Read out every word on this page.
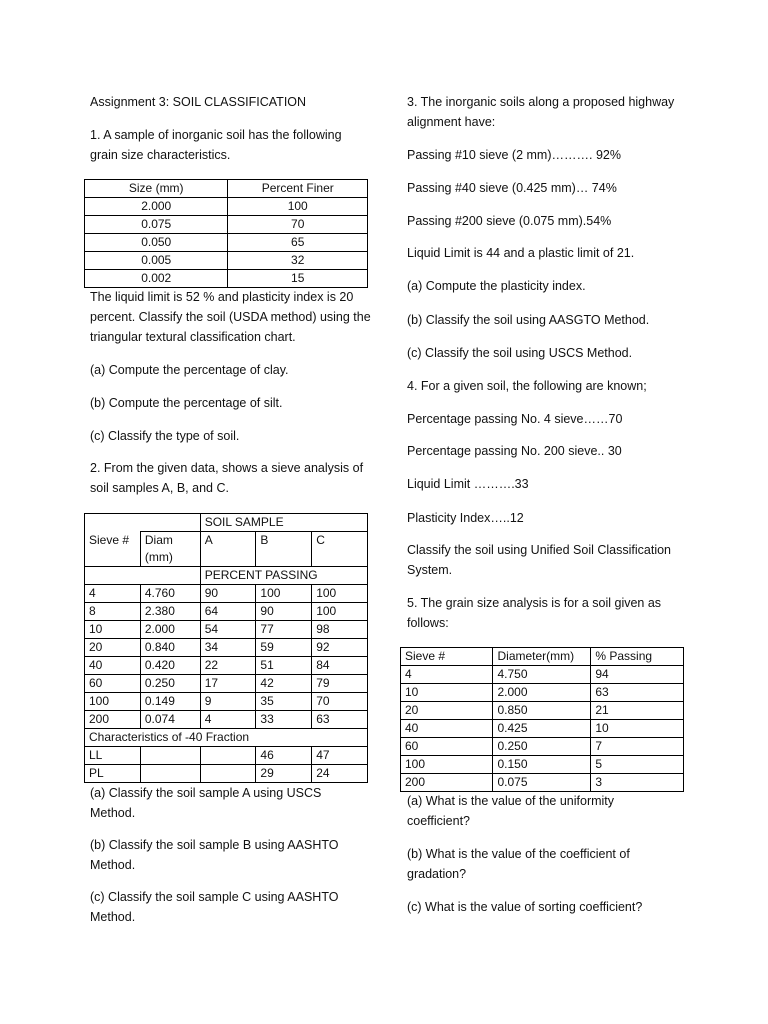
Assignment 3: SOIL CLASSIFICATION

1. A sample of inorganic soil has the following grain size characteristics.

Size (mm)	Percent Finer
2.000	100
0.075	70
0.050	65
0.005	32
0.002	15

The liquid limit is 52 % and plasticity index is 20 percent. Classify the soil (USDA method) using the triangular textural classification chart.

(a) Compute the percentage of clay.

(b) Compute the percentage of silt.

(c) Classify the type of soil.

2. From the given data, shows a sieve analysis of soil samples A, B, and C.

		SOIL SAMPLE		
Sieve #	Diam (mm)	A	B	C
		PERCENT PASSING		
4	4.760	90	100	100
8	2.380	64	90	100
10	2.000	54	77	98
20	0.840	34	59	92
40	0.420	22	51	84
60	0.250	17	42	79
100	0.149	9	35	70
200	0.074	4	33	63
Characteristics of -40 Fraction				
LL			46	47
PL			29	24

(a) Classify the soil sample A using USCS Method.

(b) Classify the soil sample B using AASHTO Method.

(c) Classify the soil sample C using AASHTO Method.

3. The inorganic soils along a proposed highway alignment have:

Passing #10 sieve (2 mm)………. 92%

Passing #40 sieve (0.425 mm)… 74%

Passing #200 sieve (0.075 mm).54%

Liquid Limit is 44 and a plastic limit of 21.

(a) Compute the plasticity index.

(b) Classify the soil using AASGTO Method.

(c) Classify the soil using USCS Method.

4. For a given soil, the following are known;

Percentage passing No. 4 sieve……70

Percentage passing No. 200 sieve.. 30

Liquid Limit ……….33

Plasticity Index…..12

Classify the soil using Unified Soil Classification System.

5. The grain size analysis is for a soil given as follows:

Sieve #	Diameter(mm)	% Passing
4	4.750	94
10	2.000	63
20	0.850	21
40	0.425	10
60	0.250	7
100	0.150	5
200	0.075	3

(a) What is the value of the uniformity coefficient?

(b) What is the value of the coefficient of gradation?

(c) What is the value of sorting coefficient?
